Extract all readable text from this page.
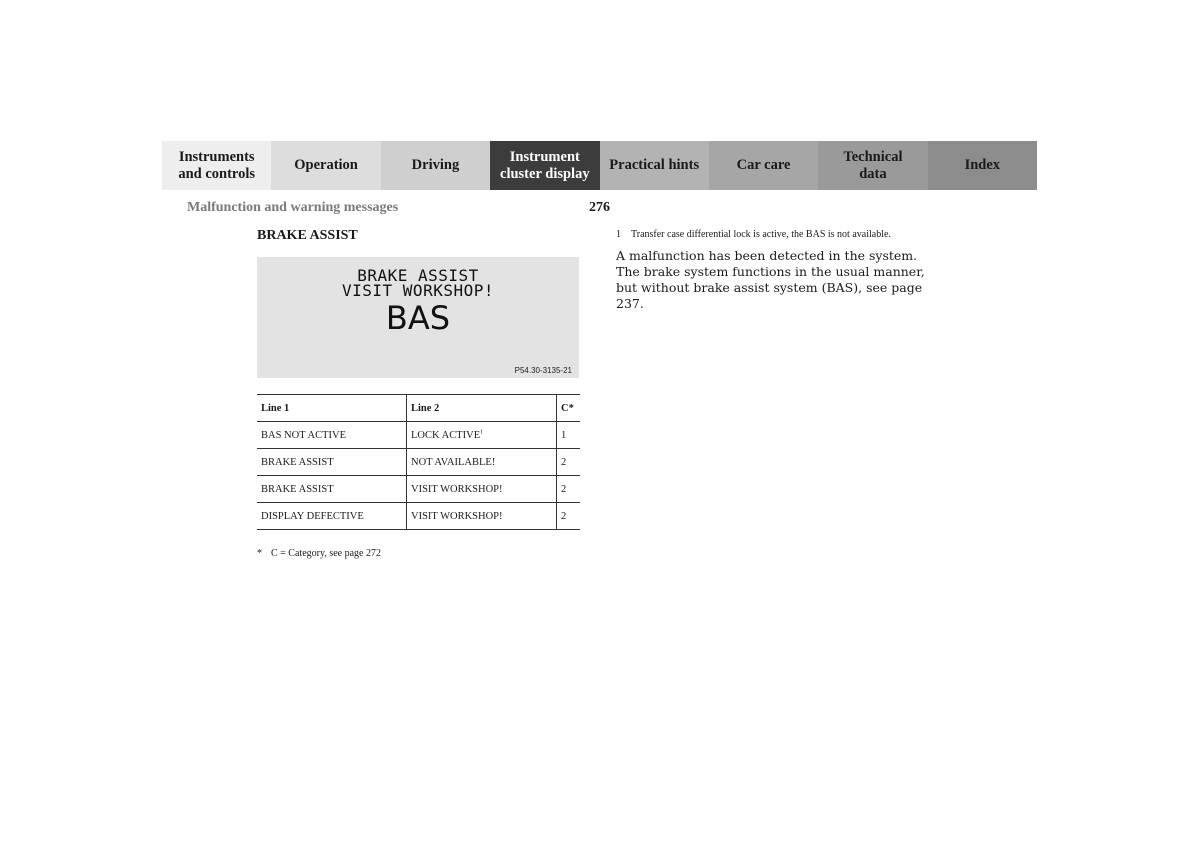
Instruments
and controls
Operation	Driving
Instrument
cluster display
Practical hints	Car care
Technical
data
Index
Malfunction and warning messages	276
BRAKE ASSIST
BRAKE ASSIST
VISIT WORKSHOP!
BAS
P54.30-3135-21
Line 1	Line 2	C*
BAS NOT ACTIVE	LOCK ACTIVE$^1$	1
BRAKE ASSIST	NOT AVAILABLE!	2
BRAKE ASSIST	VISIT WORKSHOP!	2
DISPLAY DEFECTIVE	VISIT WORKSHOP!	2
* C = Category, see page 272
1 Transfer case differential lock is active, the BAS is not available.
A malfunction has been detected in the system. The brake system functions in the usual manner, but without brake assist system (BAS), see page 237.
